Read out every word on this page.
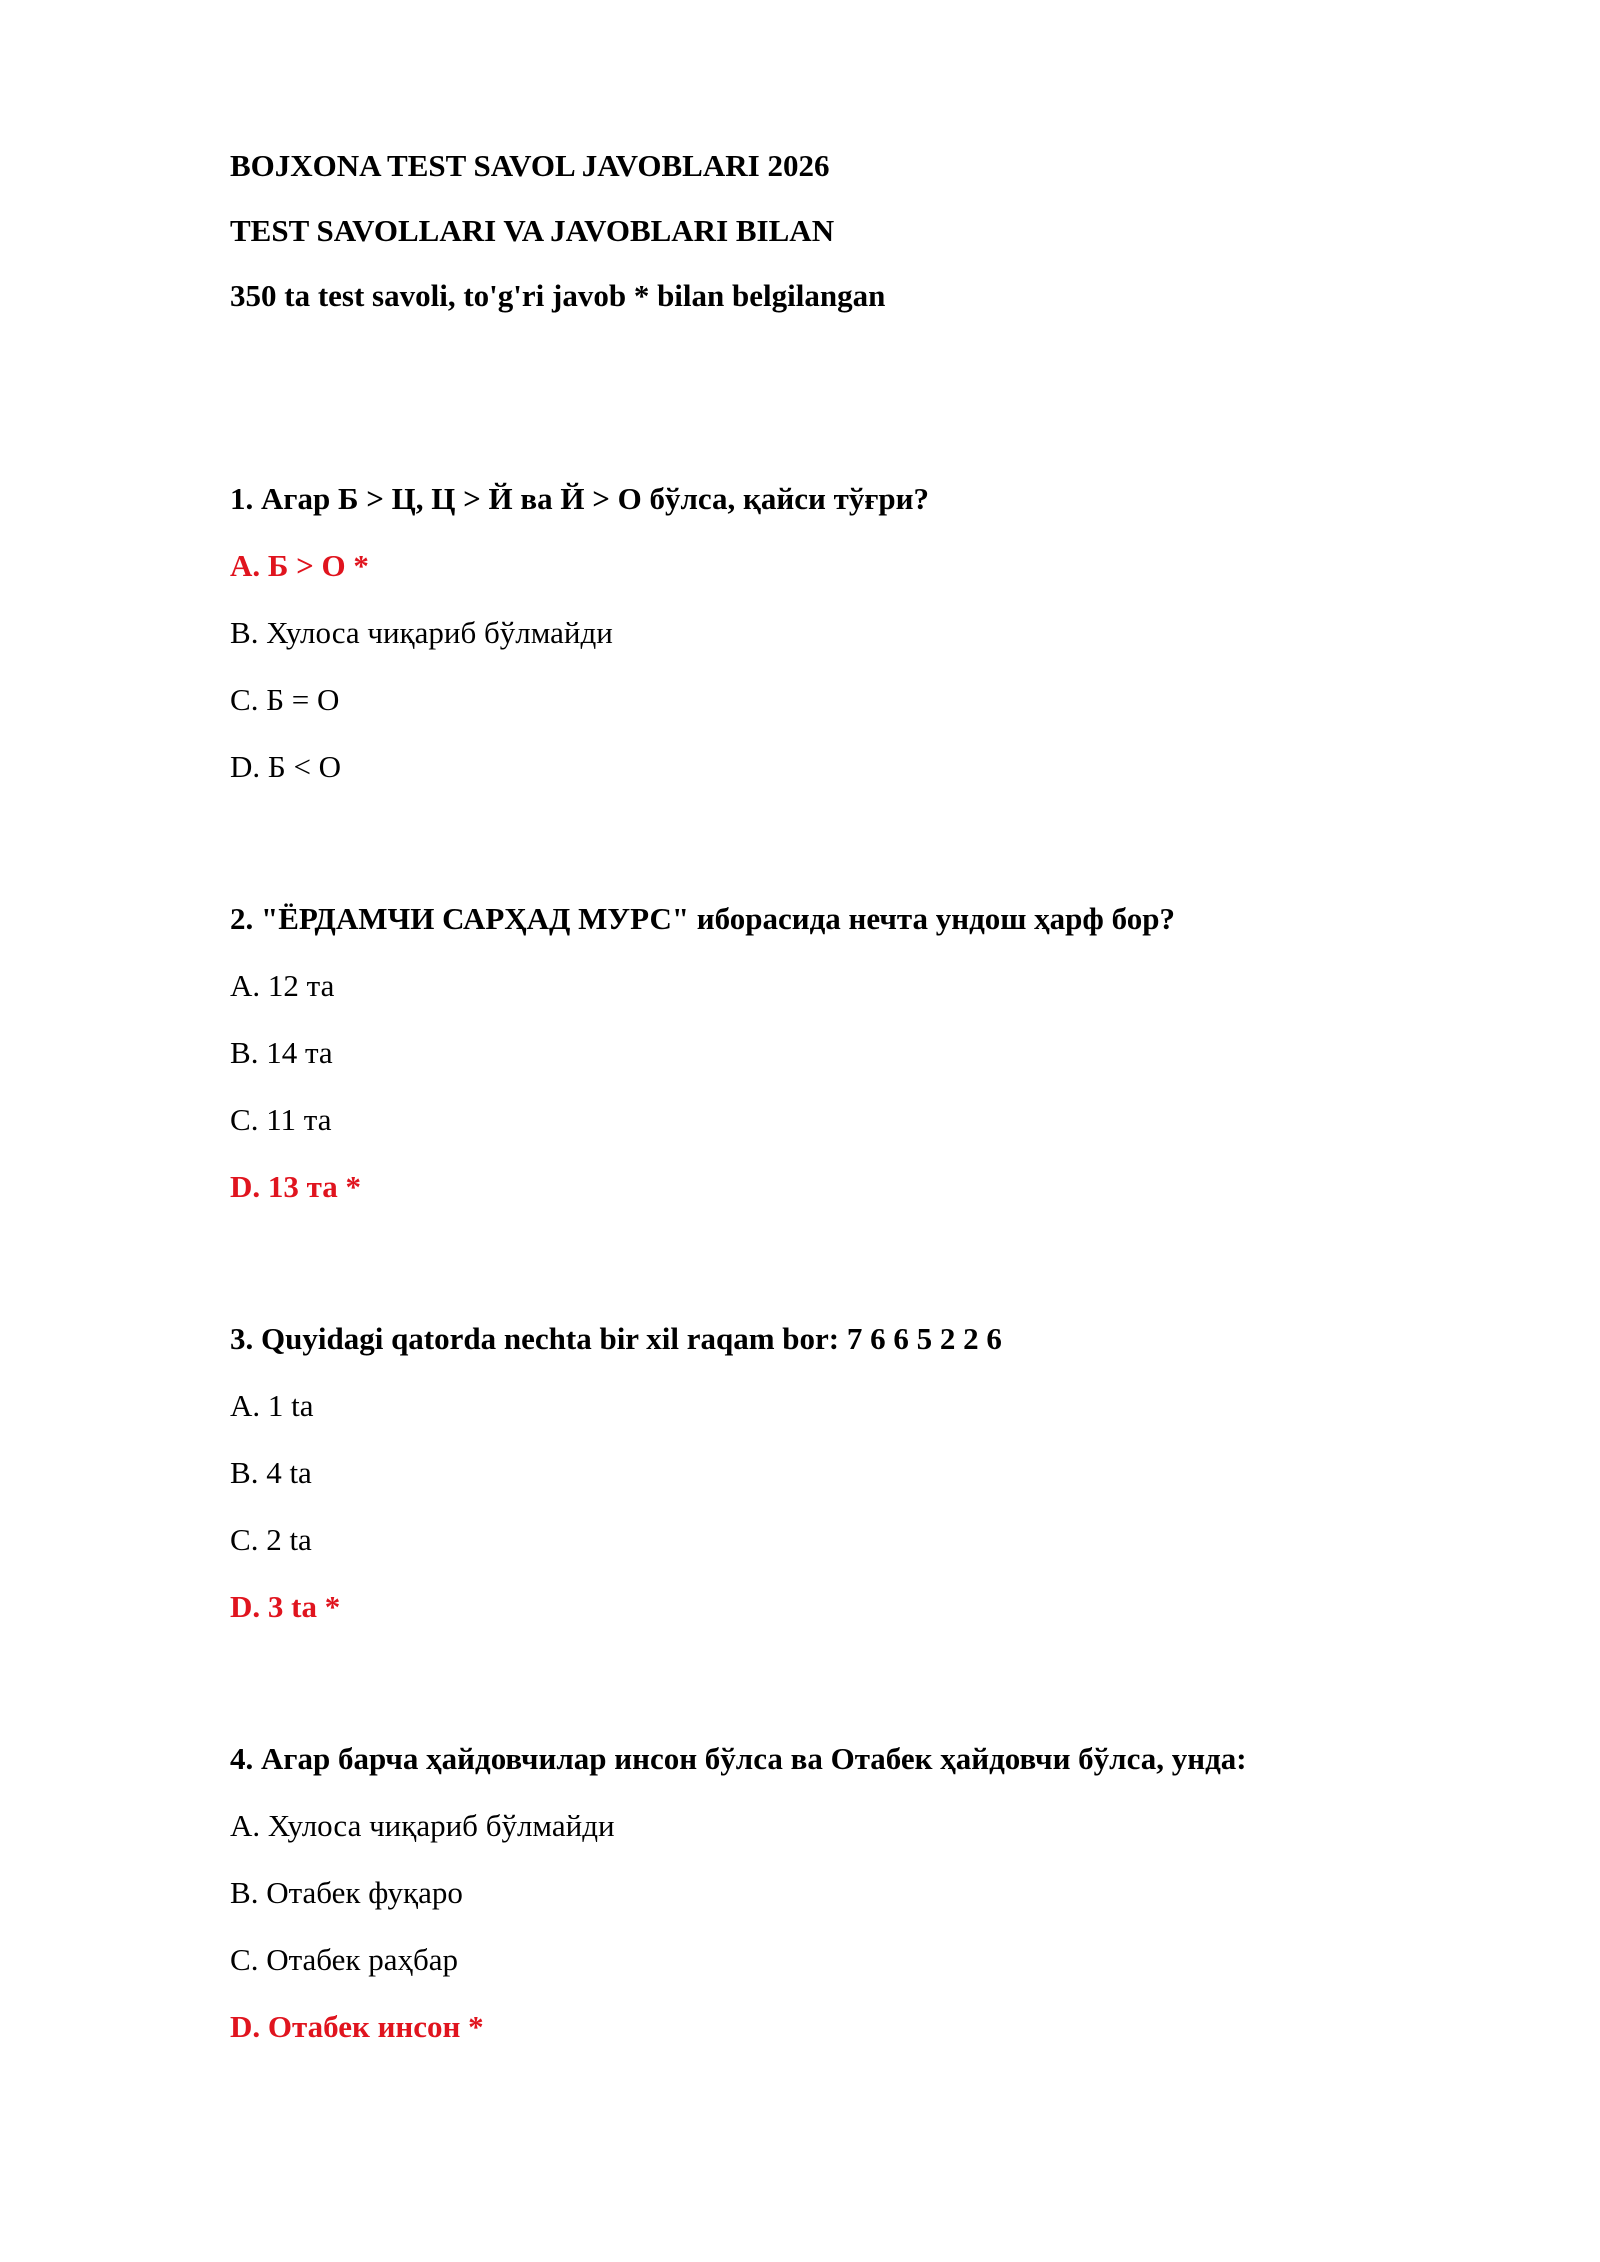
BOJXONA TEST SAVOL JAVOBLARI 2026
TEST SAVOLLARI VA JAVOBLARI BILAN
350 ta test savoli, to'g'ri javob * bilan belgilangan
1. Агар Б > Ц, Ц > Й ва Й > О бўлса, қайси тўғри?
A . Б > О *
B . Хулоса чиқариб бўлмайди
C . Б = О
D . Б < О
2. "ЁРДАМЧИ САРҲАД МУРС" иборасида нечта ундош ҳарф бор?
A . 12 та
B . 14 та
C . 11 та
D . 13 та *
3. Quyidagi qatorda nechta bir xil raqam bor: 7 6 6 5 2 2 6
A . 1 ta
B . 4 ta
C . 2 ta
D . 3 ta *
4. Агар барча ҳайдовчилар инсон бўлса ва Отабек ҳайдовчи бўлса, унда:
A . Хулоса чиқариб бўлмайди
B . Отабек фуқаро
C . Отабек раҳбар
D . Отабек инсон *
